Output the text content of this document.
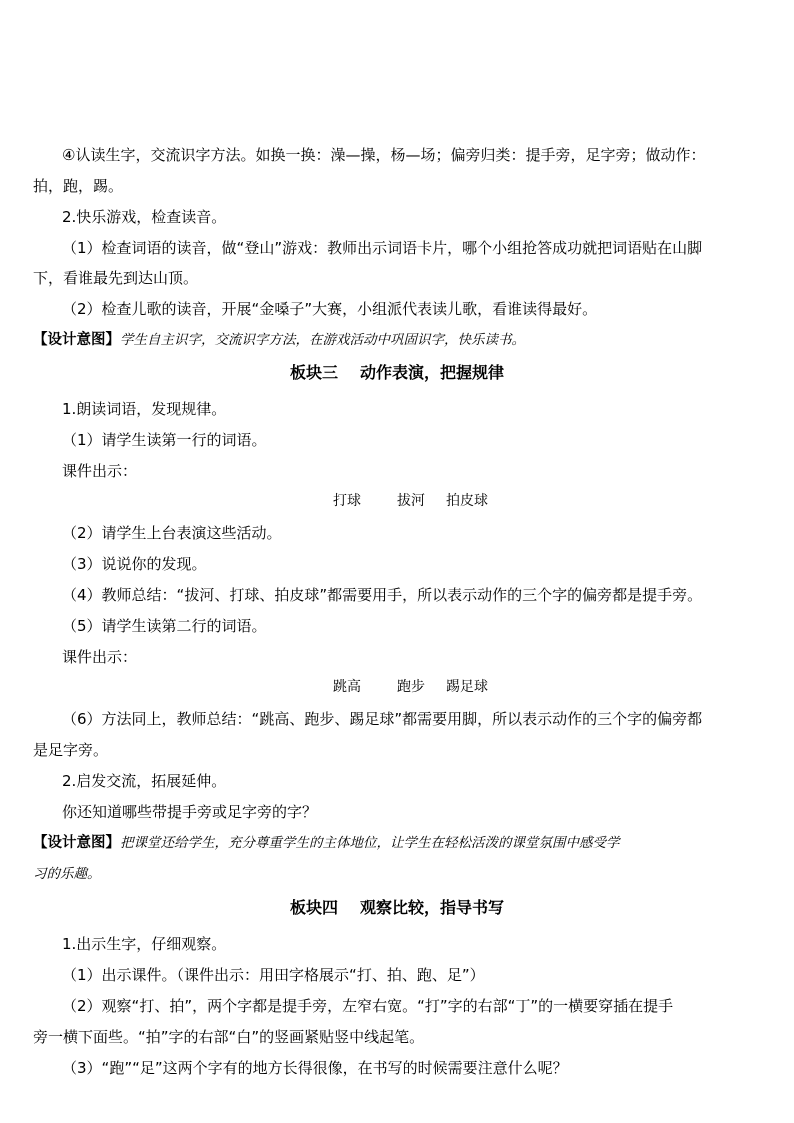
④认读生字，交流识字方法。如换一换：澡—操，杨—场；偏旁归类：提手旁，足字旁；做动作：
拍，跑，踢。
2.快乐游戏，检查读音。
（1）检查词语的读音，做“登山”游戏：教师出示词语卡片，哪个小组抢答成功就把词语贴在山脚
下，看谁最先到达山顶。
（2）检查儿歌的读音，开展“金嗓子”大赛，小组派代表读儿歌，看谁读得最好。
【设计意图】学生自主识字，交流识字方法，在游戏活动中巩固识字，快乐读书。
板块三 动作表演，把握规律
1.朗读词语，发现规律。
（1）请学生读第一行的词语。
课件出示：
打球	拔河 拍皮球
（2）请学生上台表演这些活动。
（3）说说你的发现。
（4）教师总结：“拔河、打球、拍皮球”都需要用手，所以表示动作的三个字的偏旁都是提手旁。
（5）请学生读第二行的词语。
课件出示：
跳高	跑步 踢足球
（6）方法同上，教师总结：“跳高、跑步、踢足球”都需要用脚，所以表示动作的三个字的偏旁都
是足字旁。
2.启发交流，拓展延伸。
你还知道哪些带提手旁或足字旁的字？
【设计意图】把课堂还给学生，充分尊重学生的主体地位，让学生在轻松活泼的课堂氛围中感受学
习的乐趣。
板块四 观察比较，指导书写
1.出示生字，仔细观察。
（1）出示课件。（课件出示：用田字格展示“打、拍、跑、足”）
（2）观察“打、拍”，两个字都是提手旁，左窄右宽。“打”字的右部“丁”的一横要穿插在提手
旁一横下面些。“拍”字的右部“白”的竖画紧贴竖中线起笔。
（3）“跑”“足”这两个字有的地方长得很像，在书写的时候需要注意什么呢？
